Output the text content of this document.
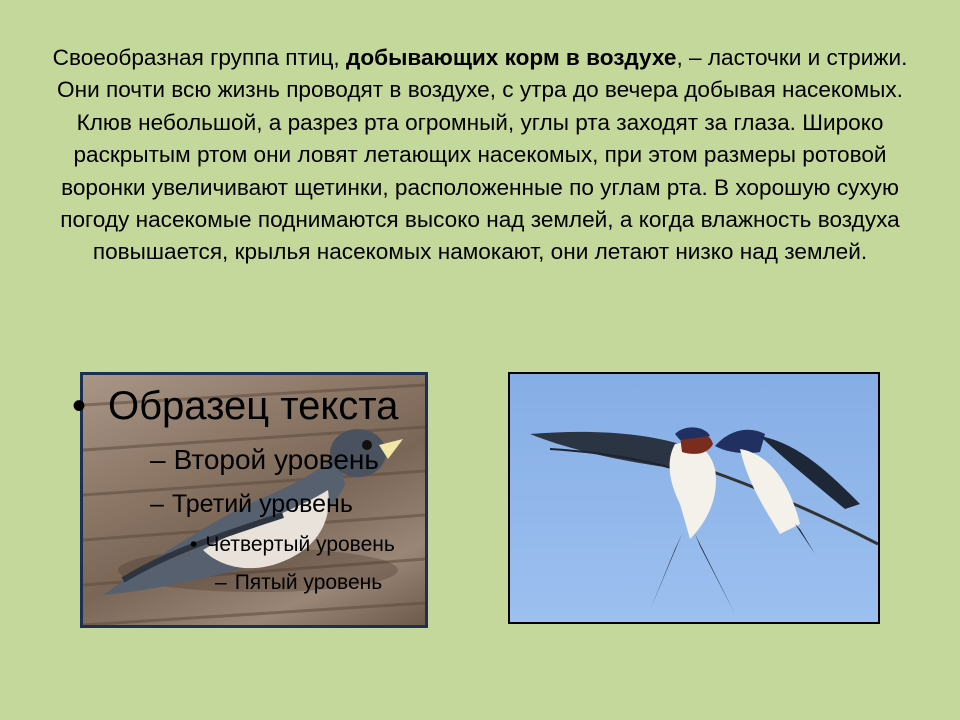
Своеобразная группа птиц, добывающих корм в воздухе, – ласточки и стрижи. Они почти всю жизнь проводят в воздухе, с утра до вечера добывая насекомых. Клюв небольшой, а разрез рта огромный, углы рта заходят за глаза. Широко раскрытым ртом они ловят летающих насекомых, при этом размеры ротовой воронки увеличивают щетинки, расположенные по углам рта. В хорошую сухую погоду насекомые поднимаются высоко над землей, а когда влажность воздуха повышается, крылья насекомых намокают, они летают низко над землей.
• Образец текста
– Второй уровень
– Третий уровень
• Четвертый уровень
– Пятый уровень
